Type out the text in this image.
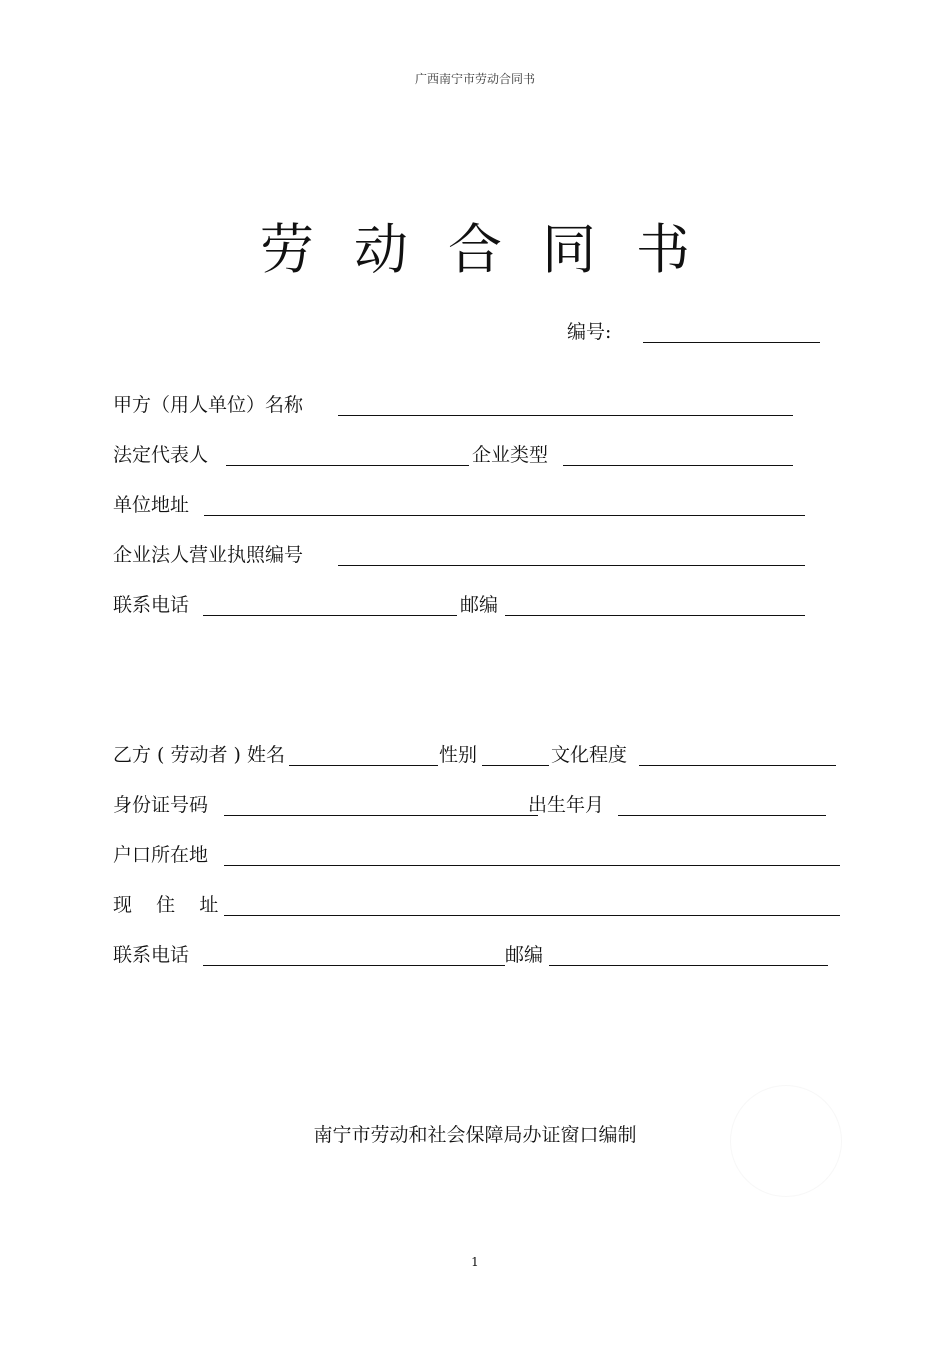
广西南宁市劳动合同书
劳动合同书
编号:
甲方（用人单位）名称
法定代表人	企业类型
单位地址
企业法人营业执照编号
联系电话	邮编
乙方 ( 劳动者 ) 姓名	性别	文化程度
身份证号码	出生年月
户口所在地
现    住    址
联系电话	邮编
南宁市劳动和社会保障局办证窗口编制
1
